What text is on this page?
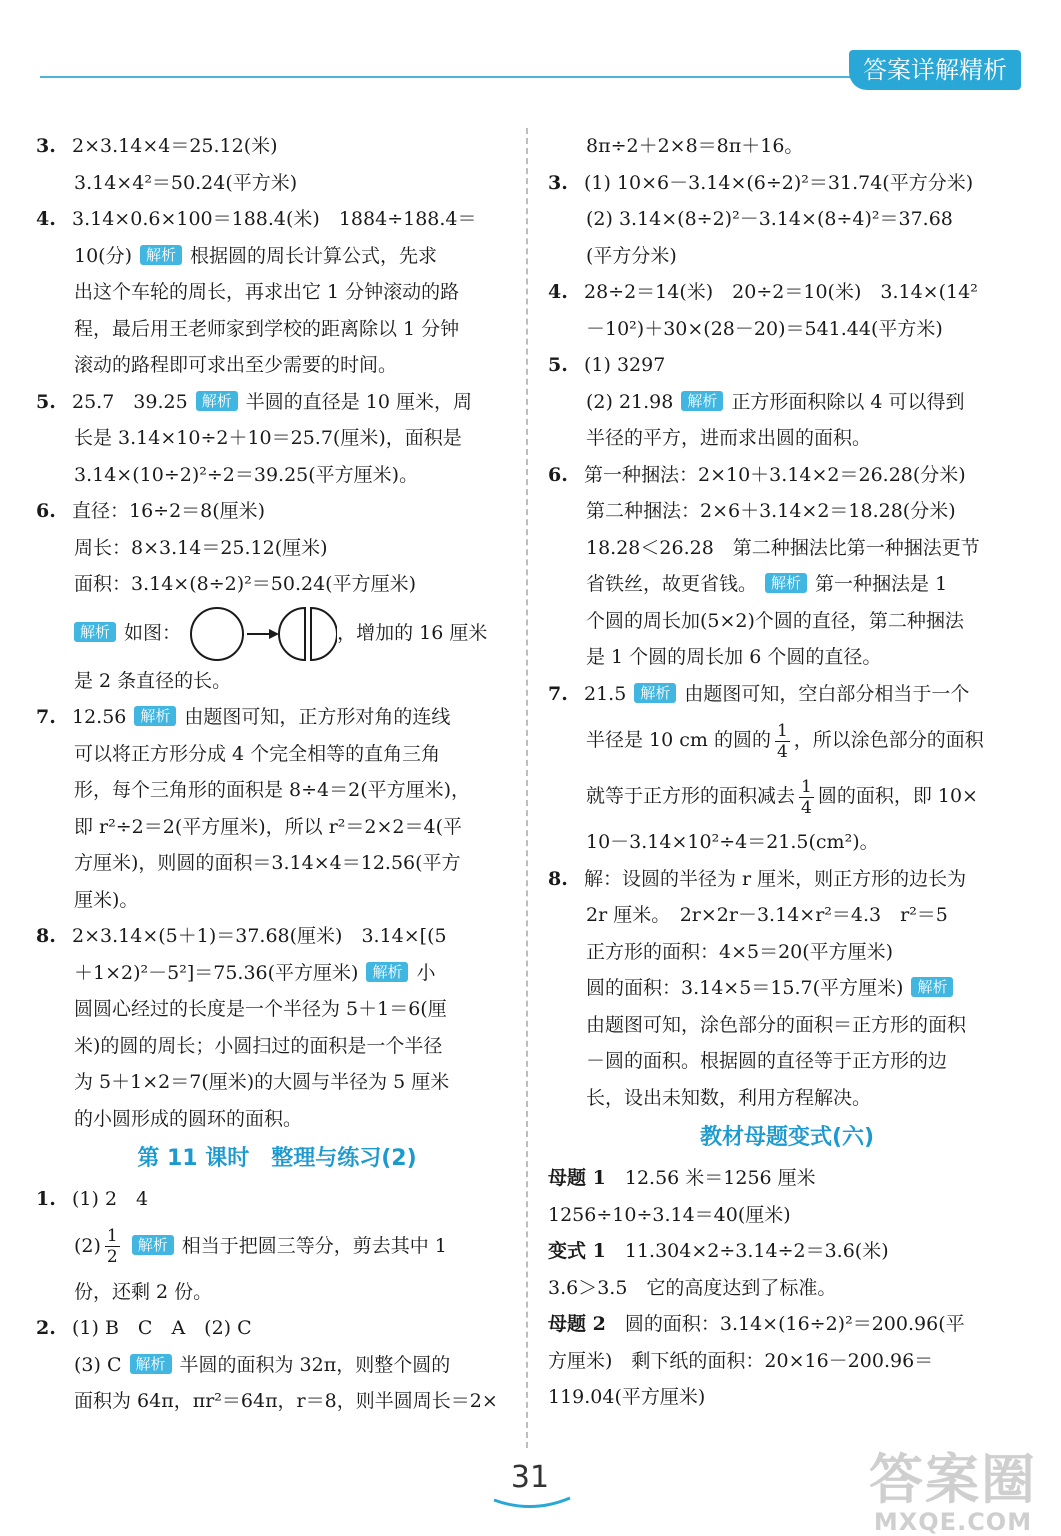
答案详解精析
3. 2×3.14×4＝25.12(米)
3.14×4²＝50.24(平方米)
4. 3.14×0.6×100＝188.4(米)　1884÷188.4＝
10(分) 解析 根据圆的周长计算公式，先求
出这个车轮的周长，再求出它 1 分钟滚动的路
程，最后用王老师家到学校的距离除以 1 分钟
滚动的路程即可求出至少需要的时间。
5. 25.7　39.25 解析 半圆的直径是 10 厘米，周
长是 3.14×10÷2＋10＝25.7(厘米)，面积是
3.14×(10÷2)²÷2＝39.25(平方厘米)。
6. 直径：16÷2＝8(厘米)
周长：8×3.14＝25.12(厘米)
面积：3.14×(8÷2)²＝50.24(平方厘米)
解析 如图：	，增加的 16 厘米
是 2 条直径的长。
7. 12.56 解析 由题图可知，正方形对角的连线
可以将正方形分成 4 个完全相等的直角三角
形，每个三角形的面积是 8÷4＝2(平方厘米)，
即 r²÷2＝2(平方厘米)，所以 r²＝2×2＝4(平
方厘米)，则圆的面积＝3.14×4＝12.56(平方
厘米)。
8. 2×3.14×(5＋1)＝37.68(厘米)　3.14×[(5
＋1×2)²－5²]＝75.36(平方厘米) 解析 小
圆圆心经过的长度是一个半径为 5＋1＝6(厘
米)的圆的周长；小圆扫过的面积是一个半径
为 5＋1×2＝7(厘米)的大圆与半径为 5 厘米
的小圆形成的圆环的面积。
第 11 课时　整理与练习(2)
1. (1) 2　4
$(2) \frac{1}{2}$ 解析 相当于把圆三等分，剪去其中 1
份，还剩 2 份。
2. (1) B　C　A　(2) C
(3) C 解析 半圆的面积为 32π，则整个圆的
面积为 64π，πr²＝64π，r＝8，则半圆周长＝2×
8π÷2＋2×8＝8π＋16。
3. (1) 10×6－3.14×(6÷2)²＝31.74(平方分米)
(2) 3.14×(8÷2)²－3.14×(8÷4)²＝37.68
(平方分米)
4. 28÷2＝14(米)　20÷2＝10(米)　3.14×(14²
－10²)＋30×(28－20)＝541.44(平方米)
5. (1) 3297
(2) 21.98 解析 正方形面积除以 4 可以得到
半径的平方，进而求出圆的面积。
6. 第一种捆法：2×10＋3.14×2＝26.28(分米)
第二种捆法：2×6＋3.14×2＝18.28(分米)
18.28＜26.28　第二种捆法比第一种捆法更节
省铁丝，故更省钱。 解析 第一种捆法是 1
个圆的周长加(5×2)个圆的直径，第二种捆法
是 1 个圆的周长加 6 个圆的直径。
7. 21.5 解析 由题图可知，空白部分相当于一个
半径是 10 cm 的圆的 $\frac{1}{4}$ ，所以涂色部分的面积
就等于正方形的面积减去 $\frac{1}{4}$ 圆的面积，即 10×
10－3.14×10²÷4＝21.5(cm²)。
8. 解：设圆的半径为 r 厘米，则正方形的边长为
2r 厘米。　2r×2r－3.14×r²＝4.3　r²＝5
正方形的面积：4×5＝20(平方厘米)
圆的面积：3.14×5＝15.7(平方厘米) 解析
由题图可知，涂色部分的面积＝正方形的面积
－圆的面积。根据圆的直径等于正方形的边
长，设出未知数，利用方程解决。
教材母题变式(六)
母题 1　 12.56 米＝1256 厘米
1256÷10÷3.14＝40(厘米)
变式 1　 11.304×2÷3.14÷2＝3.6(米)
3.6＞3.5　它的高度达到了标准。
母题 2　 圆的面积：3.14×(16÷2)²＝200.96(平
方厘米)　剩下纸的面积：20×16－200.96＝
119.04(平方厘米)
31	答案圈
MXQE.COM
